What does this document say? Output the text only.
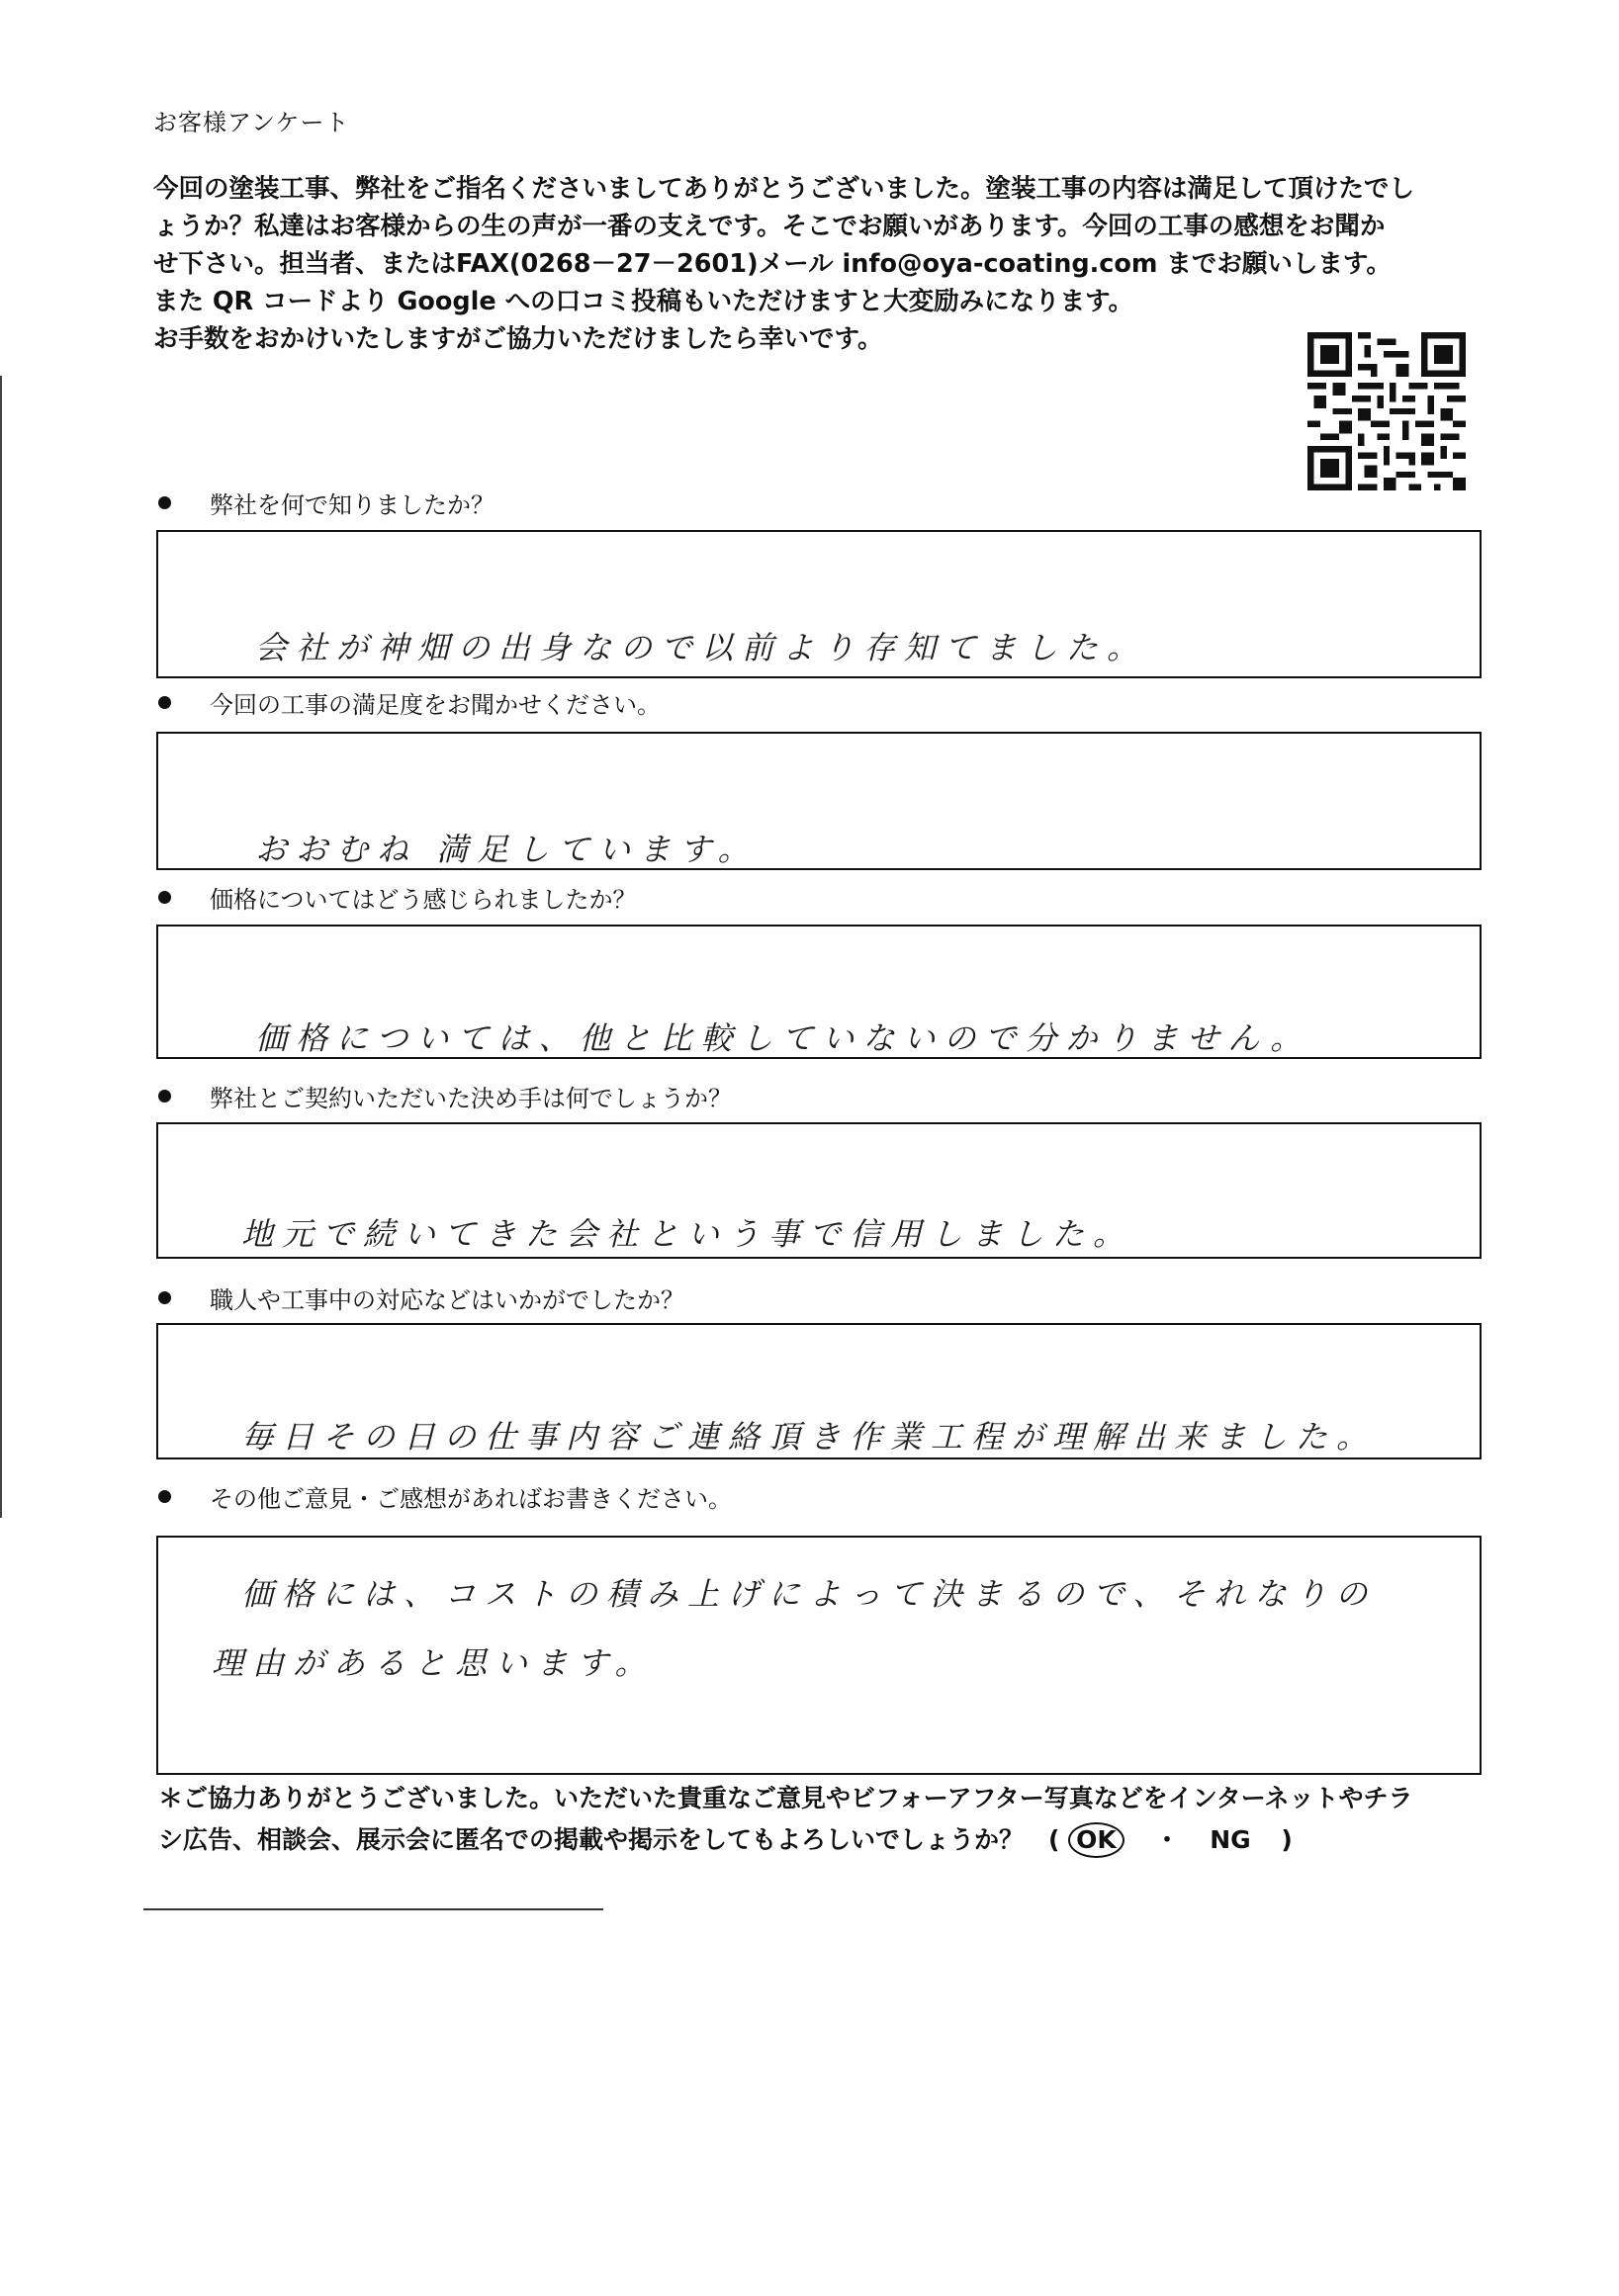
お客様アンケート

今回の塗装工事、弊社をご指名くださいましてありがとうございました。塗装工事の内容は満足して頂けたでし

ょうか？私達はお客様からの生の声が一番の支えです。そこでお願いがあります。今回の工事の感想をお聞か

せ下さい。担当者、またはFAX(0268－27－2601)メール info@oya-coating.com までお願いします。

また QR コードより Google への口コミ投稿もいただけますと大変励みになります。

お手数をおかけいたしますがご協力いただけましたら幸いです。

弊社を何で知りましたか？
会社が神畑の出身なので以前より存知てました。
今回の工事の満足度をお聞かせください。
おおむね 満足しています。
価格についてはどう感じられましたか？
価格については、他と比較していないので分かりません。
弊社とご契約いただいた決め手は何でしょうか？
地元で続いてきた会社という事で信用しました。
職人や工事中の対応などはいかがでしたか？
毎日その日の仕事内容ご連絡頂き作業工程が理解出来ました。
その他ご意見・ご感想があればお書きください。
価格には、コストの積み上げによって決まるので、それなりの
理由があると思います。

＊ご協力ありがとうございました。いただいた貴重なご意見やビフォーアフター写真などをインターネットやチラ

シ広告、相談会、展示会に匿名での掲載や掲示をしてもよろしいでしょうか？　( OK ・ NG )
